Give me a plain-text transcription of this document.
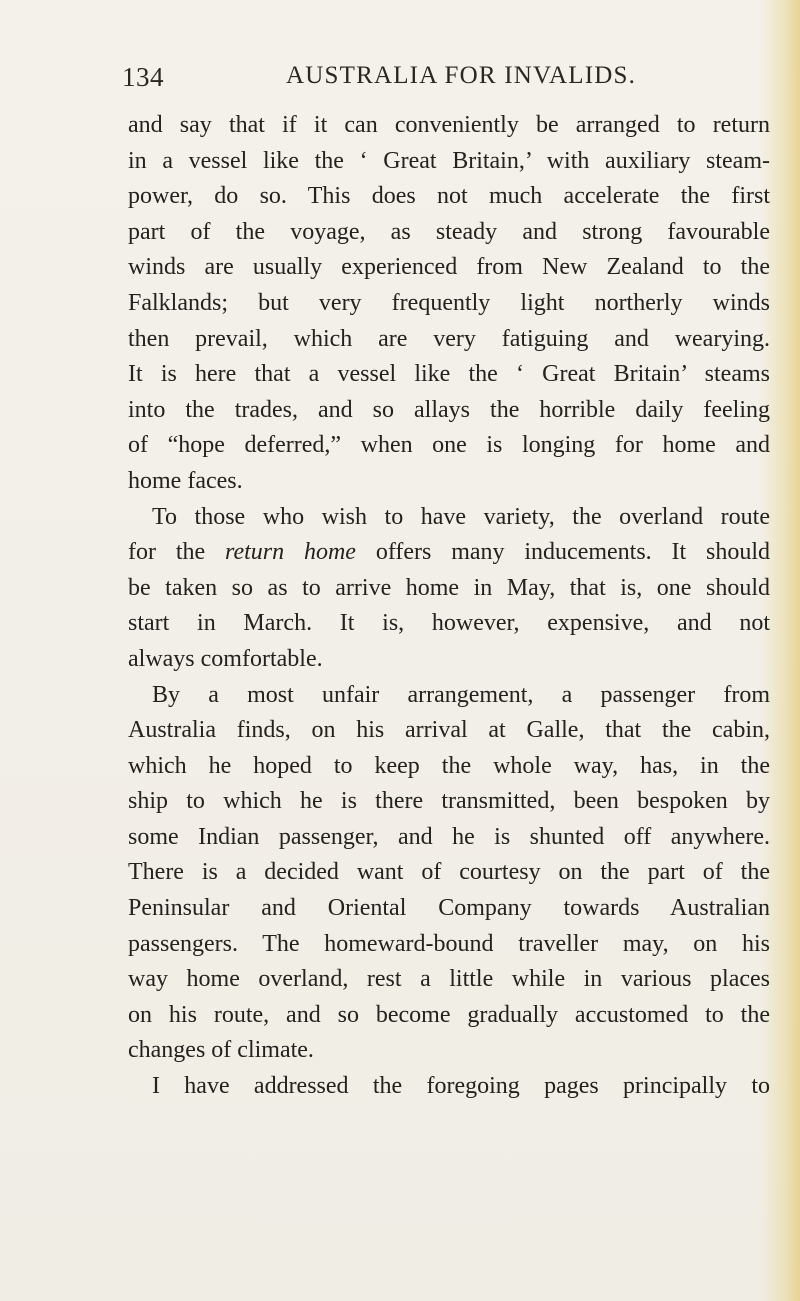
134	AUSTRALIA FOR INVALIDS.
and say that if it can conveniently be arranged to return
in a vessel like the ‘ Great Britain,’ with auxiliary steam-
power, do so. This does not much accelerate the first
part of the voyage, as steady and strong favourable
winds are usually experienced from New Zealand to the
Falklands; but very frequently light northerly winds
then prevail, which are very fatiguing and wearying.
It is here that a vessel like the ‘ Great Britain’ steams
into the trades, and so allays the horrible daily feeling
of “hope deferred,” when one is longing for home and
home faces.
To those who wish to have variety, the overland route
for the return home offers many inducements. It should
be taken so as to arrive home in May, that is, one should
start in March. It is, however, expensive, and not
always comfortable.
By a most unfair arrangement, a passenger from
Australia finds, on his arrival at Galle, that the cabin,
which he hoped to keep the whole way, has, in the
ship to which he is there transmitted, been bespoken by
some Indian passenger, and he is shunted off anywhere.
There is a decided want of courtesy on the part of the
Peninsular and Oriental Company towards Australian
passengers. The homeward-bound traveller may, on his
way home overland, rest a little while in various places
on his route, and so become gradually accustomed to the
changes of climate.
I have addressed the foregoing pages principally to
